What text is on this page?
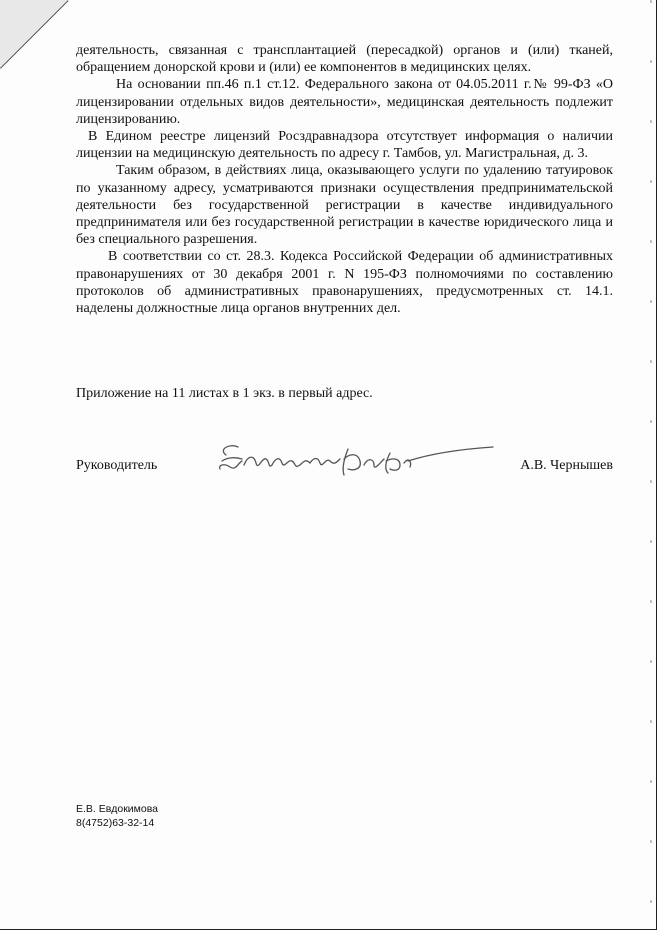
деятельность, связанная с трансплантацией (пересадкой) органов и (или) тканей, обращением донорской крови и (или) ее компонентов в медицинских целях.

На основании пп.46 п.1 ст.12. Федерального закона от 04.05.2011 г.№ 99-ФЗ «О лицензировании отдельных видов деятельности», медицинская деятельность подлежит лицензированию.

В Едином реестре лицензий Росздравнадзора отсутствует информация о наличии лицензии на медицинскую деятельность по адресу г. Тамбов, ул. Магистральная, д. 3.

Таким образом, в действиях лица, оказывающего услуги по удалению татуировок по указанному адресу, усматриваются признаки осуществления предпринимательской деятельности без государственной регистрации в качестве индивидуального предпринимателя или без государственной регистрации в качестве юридического лица и без специального разрешения.

В соответствии со ст. 28.3. Кодекса Российской Федерации об административных правонарушениях от 30 декабря 2001 г. N 195-ФЗ полномочиями по составлению протоколов об административных правонарушениях, предусмотренных ст. 14.1. наделены должностные лица органов внутренних дел.

Приложение на 11 листах в 1 экз. в первый адрес.
Руководитель	А.В. Чернышев
Е.В. Евдокимова
8(4752)63-32-14
